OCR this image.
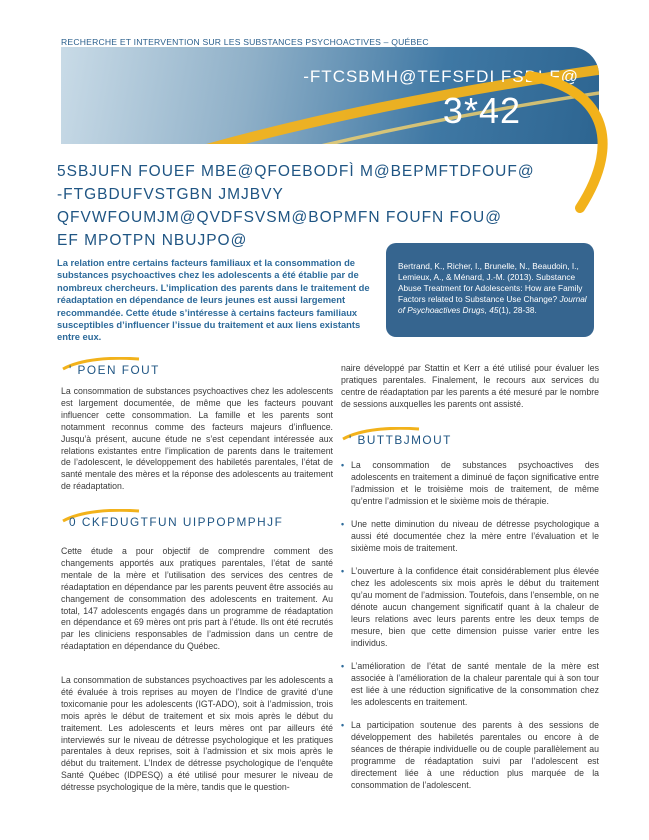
RECHERCHE ET INTERVENTION SUR LES SUBSTANCES PSYCHOACTIVES – QUÉBEC
-FTCSBMH@TEFSFDI FSDI F@
3*42
5SBJUFN FOUEF MBE@QFOEBODFÌ M@BEPMFTDFOUF@
-FTGBDUFVSTGBN JMJBVY QFVWFOUMJM@QVDFSVSM@BOPMFN FOUFN FOU@
EF MPOTPN NBUJPO@
La relation entre certains facteurs familiaux et la consommation de substances psychoactives chez les adolescents a été établie par de nombreux chercheurs. L’implication des parents dans le traitement de réadaptation en dépendance de leurs jeunes est aussi largement recommandée. Cette étude s’intéresse à certains facteurs familiaux susceptibles d’influencer l’issue du traitement et aux liens existants entre eux.
Bertrand, K., Richer, I., Brunelle, N., Beaudoin, I., Lemieux, A., & Ménard, J.-M. (2013). Substance Abuse Treatment for Adolescents: How are Family Factors related to Substance Use Change? Journal of Psychoactives Drugs, 45(1), 28-38.
' POEN FOUT
La consommation de substances psychoactives chez les adolescents est largement documentée, de même que les facteurs pouvant influencer cette consommation. La famille et les parents sont notamment reconnus comme des facteurs majeurs d’influence. Jusqu’à présent, aucune étude ne s’est cependant intéressée aux relations existantes entre l’implication de parents dans le traitement de l’adolescent, le développement des habiletés parentales, l’état de santé mentale des mères et la réponse des adolescents au traitement de réadaptation.
0 CKFDUGTFUN UIPPOPMPHJF
Cette étude a pour objectif de comprendre comment des changements apportés aux pratiques parentales, l’état de santé mentale de la mère et l’utilisation des services des centres de réadaptation en dépendance par les parents peuvent être associés au changement de consommation des adolescents en traitement. Au total, 147 adolescents engagés dans un programme de réadaptation en dépendance et 69 mères ont pris part à l’étude. Ils ont été recrutés par les cliniciens responsables de l’admission dans un centre de réadaptation en dépendance du Québec.
La consommation de substances psychoactives par les adolescents a été évaluée à trois reprises au moyen de l’Indice de gravité d’une toxicomanie pour les adolescents (IGT-ADO), soit à l’admission, trois mois après le début de traitement et six mois après le début du traitement. Les adolescents et leurs mères ont par ailleurs été interviewés sur le niveau de détresse psychologique et les pratiques parentales à deux reprises, soit à l’admission et six mois après le début du traitement. L’Index de détresse psychologique de l’enquête Santé Québec (IDPESQ) a été utilisé pour mesurer le niveau de détresse psychologique de la mère, tandis que le question-
naire développé par Stattin et Kerr a été utilisé pour évaluer les pratiques parentales. Finalement, le recours aux services du centre de réadaptation par les parents a été mesuré par le nombre de sessions auxquelles les parents ont assisté.
' BUTTBJMOUT
• La consommation de substances psychoactives des adolescents en traitement a diminué de façon significative entre l’admission et le troisième mois de traitement, de même qu’entre l’admission et le sixième mois de thérapie.
• Une nette diminution du niveau de détresse psychologique a aussi été documentée chez la mère entre l’évaluation et le sixième mois de traitement.
• L’ouverture à la confidence était considérablement plus élevée chez les adolescents six mois après le début du traitement qu’au moment de l’admission. Toutefois, dans l’ensemble, on ne dénote aucun changement significatif quant à la chaleur de leurs relations avec leurs parents entre les deux temps de mesure, bien que cette dimension puisse varier entre les individus.
• L’amélioration de l’état de santé mentale de la mère est associée à l’amélioration de la chaleur parentale qui à son tour est liée à une réduction significative de la consommation chez les adolescents en traitement.
• La participation soutenue des parents à des sessions de développement des habiletés parentales ou encore à de séances de thérapie individuelle ou de couple parallèlement au programme de réadaptation suivi par l’adolescent est directement liée à une réduction plus marquée de la consommation de l’adolescent.
